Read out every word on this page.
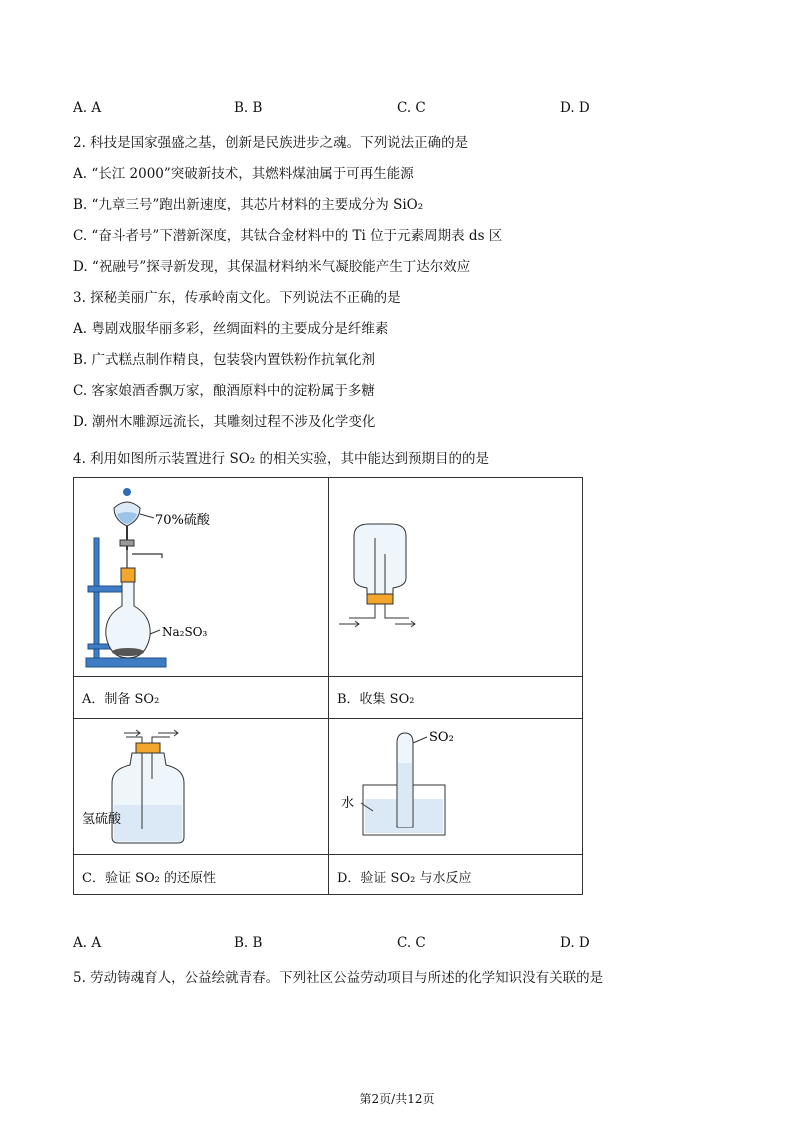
A. A	B. B	C. C	D. D
2. 科技是国家强盛之基，创新是民族进步之魂。下列说法正确的是
A. “长江 2000”突破新技术，其燃料煤油属于可再生能源
B. “九章三号”跑出新速度，其芯片材料的主要成分为 SiO₂
C. “奋斗者号”下潜新深度，其钛合金材料中的 Ti 位于元素周期表 ds 区
D. “祝融号”探寻新发现，其保温材料纳米气凝胶能产生丁达尔效应
3. 探秘美丽广东，传承岭南文化。下列说法不正确的是
A. 粤剧戏服华丽多彩，丝绸面料的主要成分是纤维素
B. 广式糕点制作精良，包装袋内置铁粉作抗氧化剂
C. 客家娘酒香飘万家，酿酒原料中的淀粉属于多糖
D. 潮州木雕源远流长，其雕刻过程不涉及化学变化
4. 利用如图所示装置进行 SO₂ 的相关实验，其中能达到预期目的的是
70%硫酸
Na₂SO₃
A．制备 SO₂	B．收集 SO₂
氢硫酸
SO₂
水
C．验证 SO₂ 的还原性	D．验证 SO₂ 与水反应
A. A	B. B	C. C	D. D
5. 劳动铸魂育人，公益绘就青春。下列社区公益劳动项目与所述的化学知识没有关联的是
第2页/共12页
